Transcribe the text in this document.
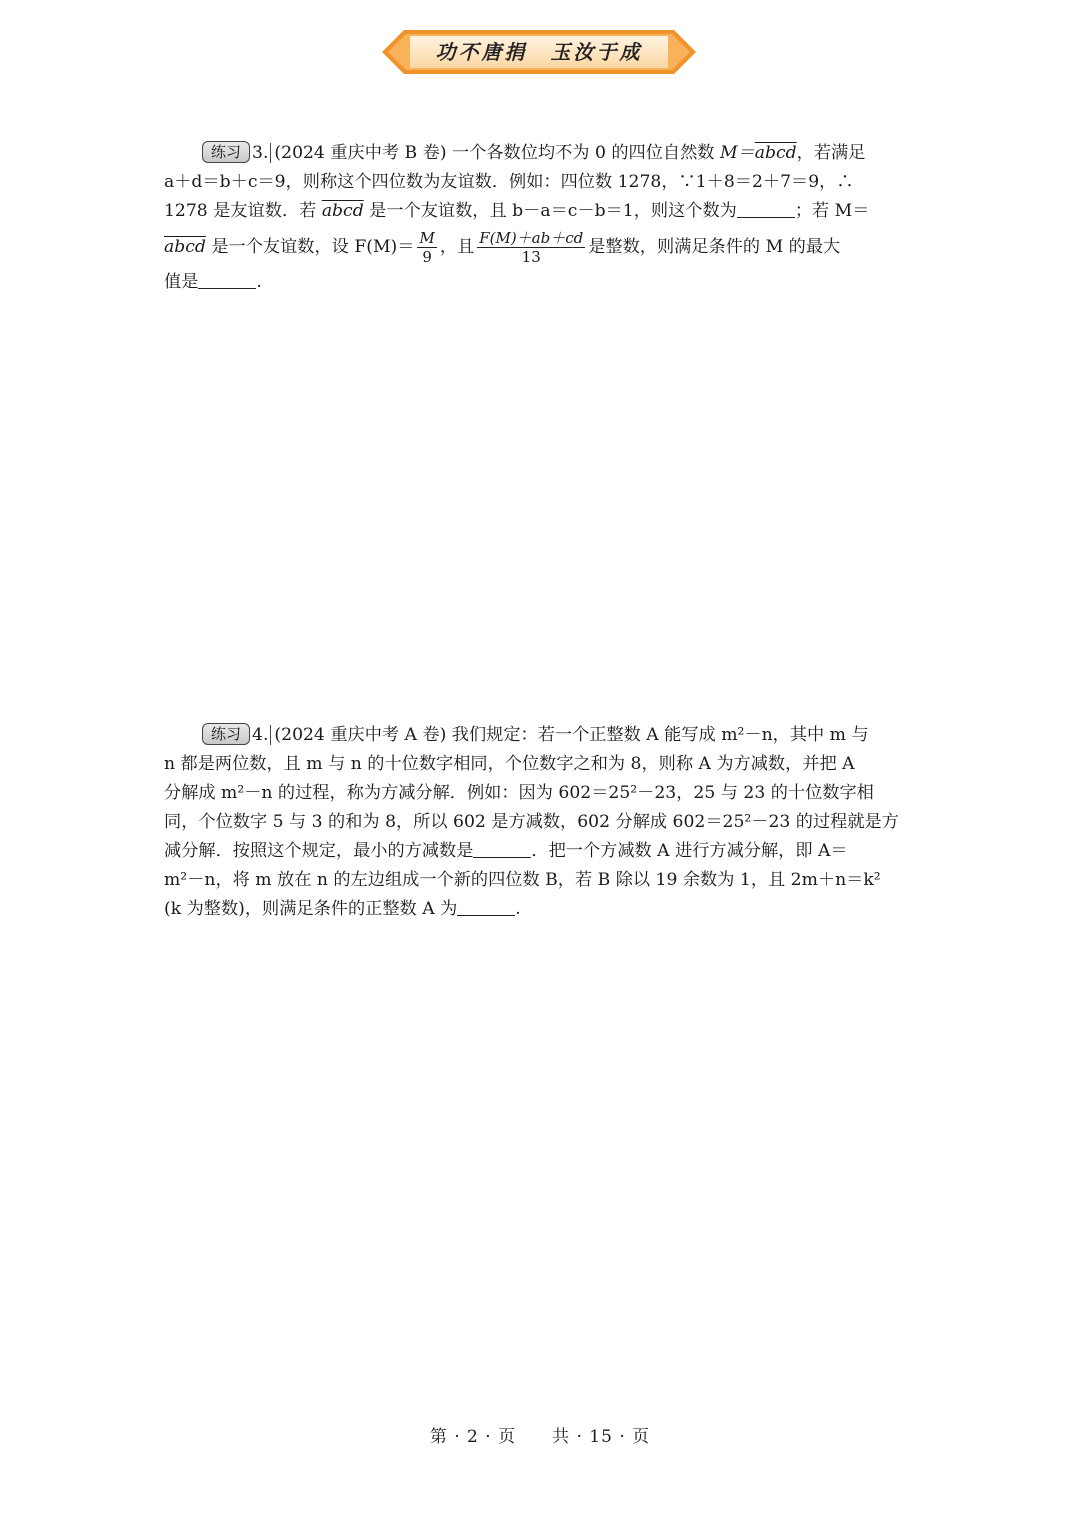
功不唐捐　玉汝于成
练习 3. (2024 重庆中考 B 卷) 一个各数位均不为 0 的四位自然数 M＝abcd，若满足
a＋d＝b＋c＝9，则称这个四位数为友谊数．例如：四位数 1278，∵1＋8＝2＋7＝9，∴
1278 是友谊数．若 abcd 是一个友谊数，且 b－a＝c－b＝1，则这个数为	；若 M＝
abcd
是一个友谊数，设 $F(M)= \frac{M}{9}$ ，且 $\frac{F(M)+ab+cd}{13}$ 是整数，则满足条件的 M 的最大
值是	.
练习 4. (2024 重庆中考 A 卷) 我们规定：若一个正整数 A 能写成 m²－n，其中 m 与
n 都是两位数，且 m 与 n 的十位数字相同，个位数字之和为 8，则称 A 为方减数，并把 A
分解成 m²－n 的过程，称为方减分解．例如：因为 602＝25²－23，25 与 23 的十位数字相
同，个位数字 5 与 3 的和为 8，所以 602 是方减数，602 分解成 602＝25²－23 的过程就是方
减分解．按照这个规定，最小的方减数是	．把一个方减数 A 进行方减分解，即 A＝
m²－n，将 m 放在 n 的左边组成一个新的四位数 B，若 B 除以 19 余数为 1，且 2m＋n＝k²
(k 为整数)，则满足条件的正整数 A 为	.
第 · 2 · 页　　共 · 15 · 页
